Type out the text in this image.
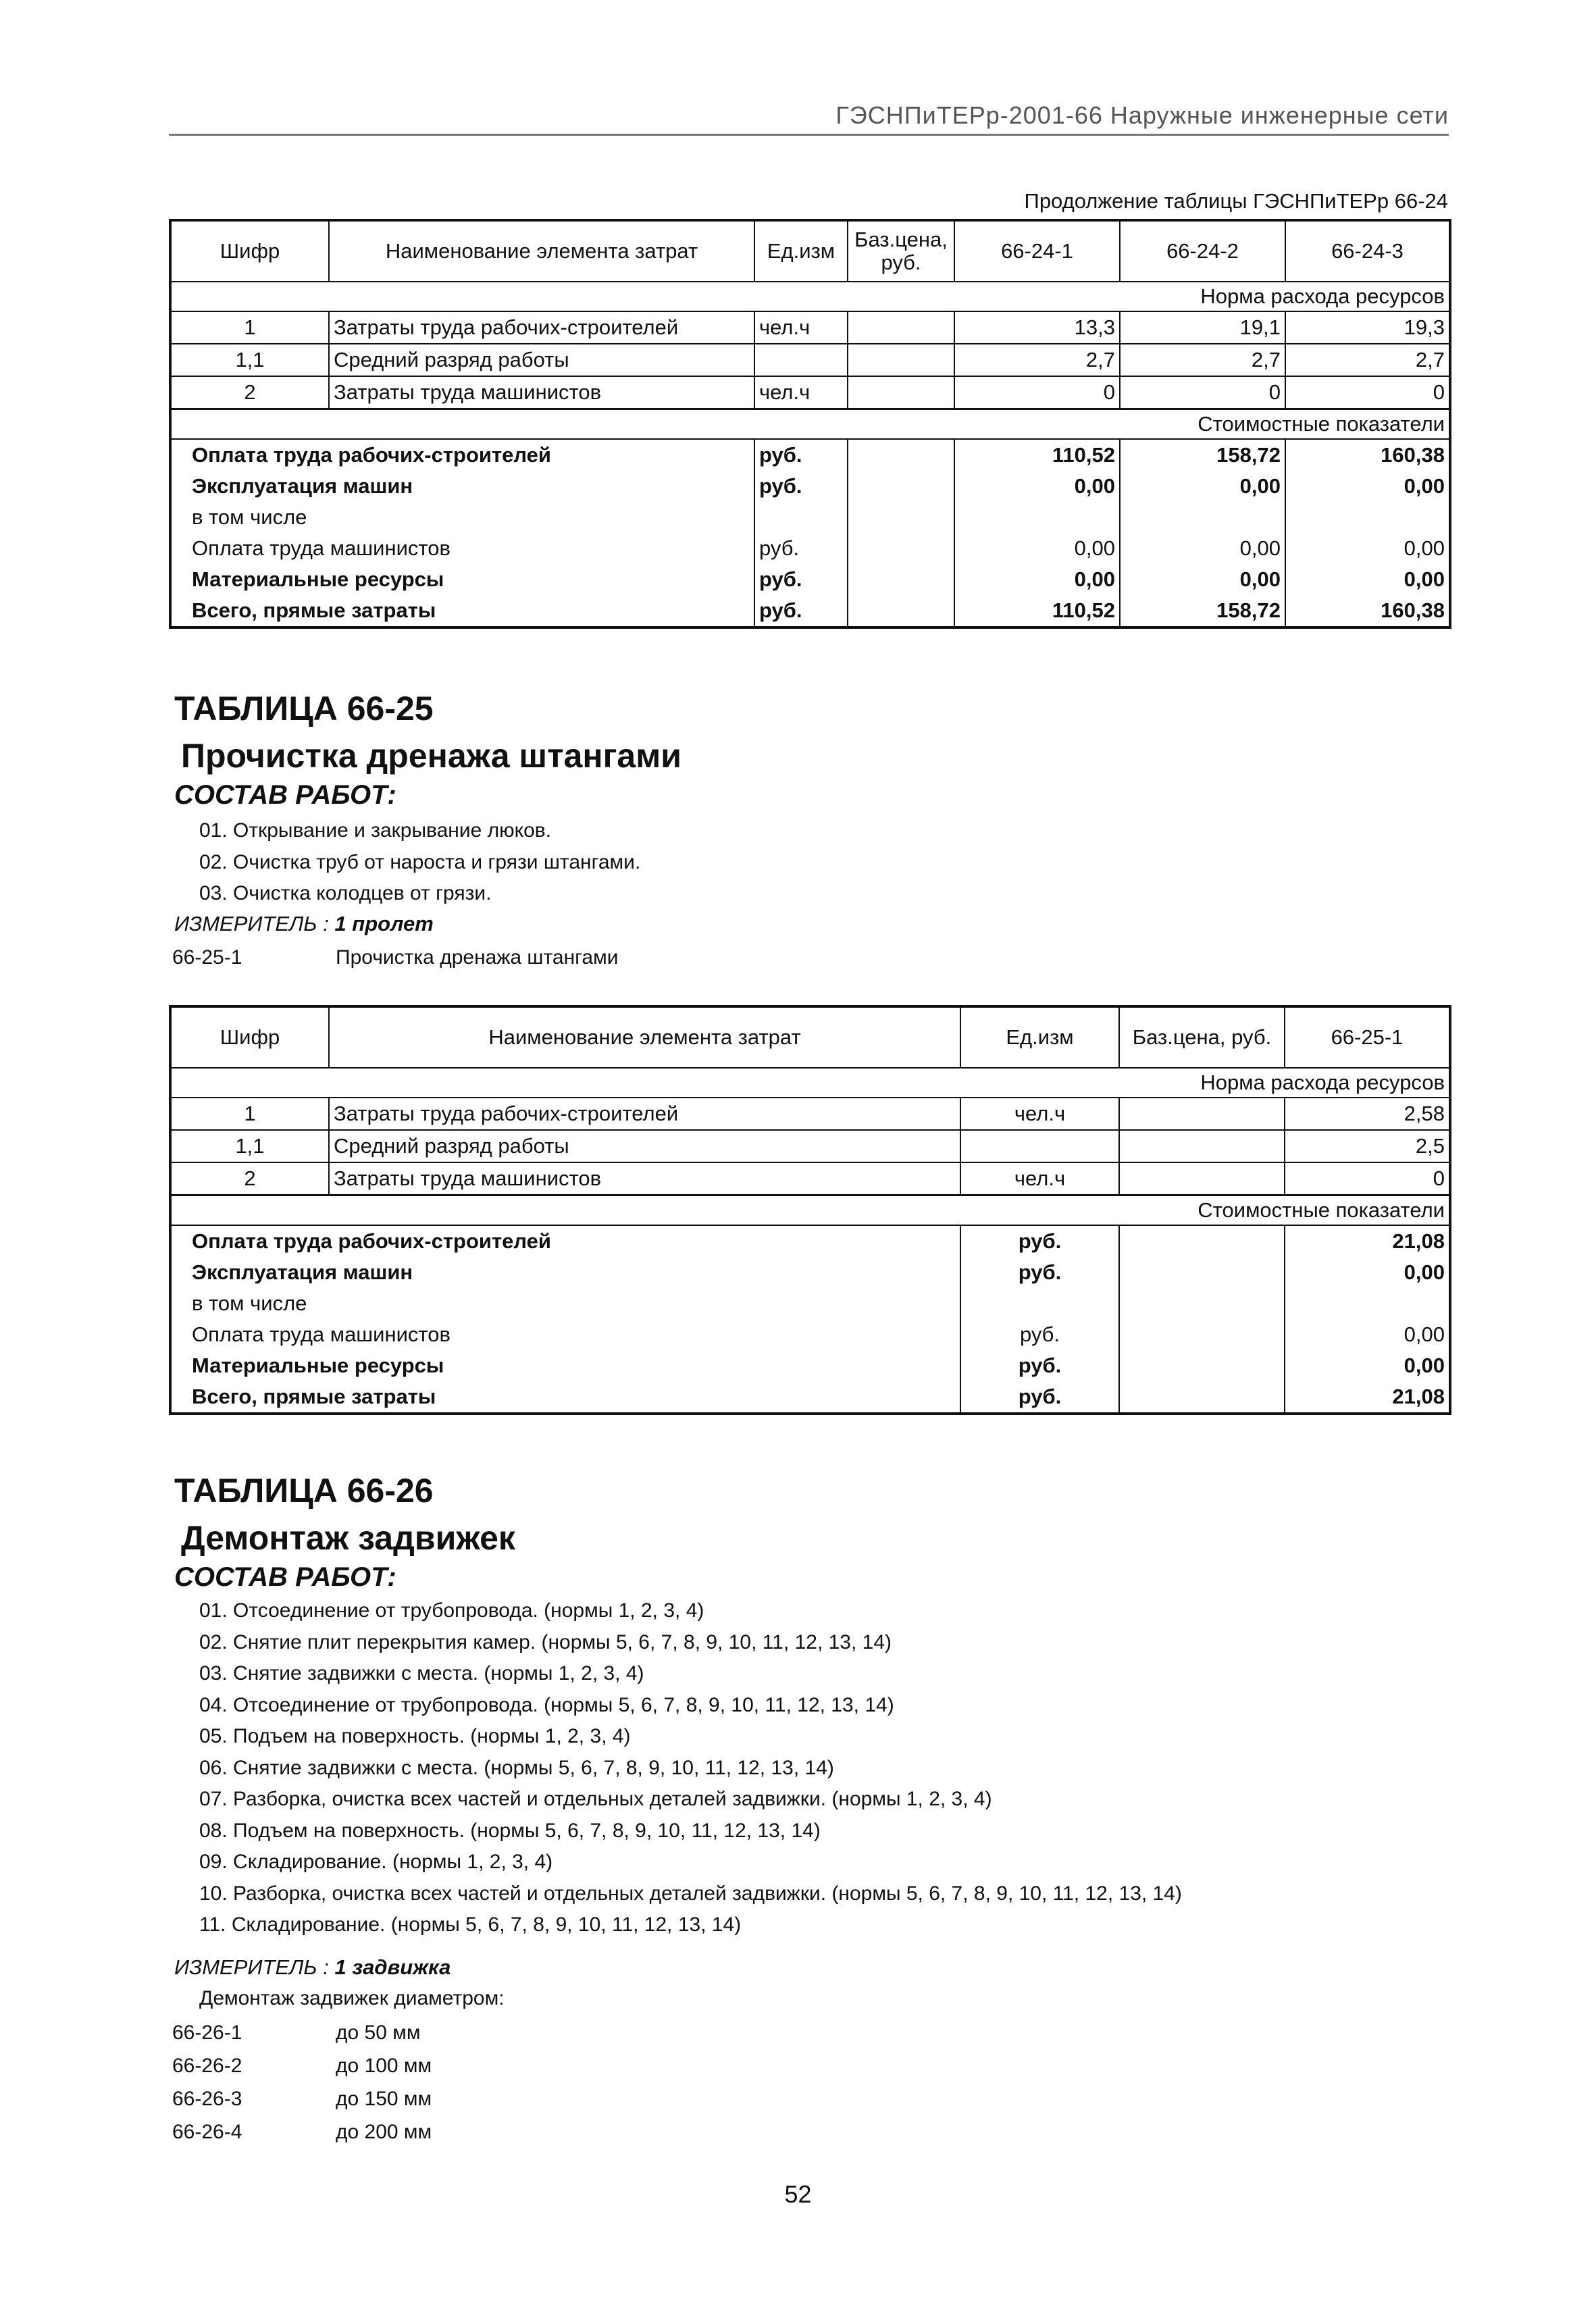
ГЭСНПиТЕРр-2001-66 Наружные инженерные сети
Продолжение таблицы ГЭСНПиТЕРр 66-24
Шифр	Наименование элемента затрат	Ед.изм	Баз.цена, руб.	66-24-1	66-24-2	66-24-3
Норма расхода ресурсов						
1	Затраты труда рабочих-строителей	чел.ч		13,3	19,1	19,3
1,1	Средний разряд работы			2,7	2,7	2,7
2	Затраты труда машинистов	чел.ч		0	0	0
Стоимостные показатели						
Оплата труда рабочих-строителей		руб.		110,52	158,72	160,38
Эксплуатация машин		руб.		0,00	0,00	0,00
в том числе						
Оплата труда машинистов		руб.		0,00	0,00	0,00
Материальные ресурсы		руб.		0,00	0,00	0,00
Всего, прямые затраты		руб.		110,52	158,72	160,38
ТАБЛИЦА 66-25
Прочистка дренажа штангами
СОСТАВ РАБОТ:
01. Открывание и закрывание люков.
02. Очистка труб от нароста и грязи штангами.
03. Очистка колодцев от грязи.
ИЗМЕРИТЕЛЬ : 1 пролет
66-25-1	Прочистка дренажа штангами
Шифр	Наименование элемента затрат	Ед.изм	Баз.цена, руб.	66-25-1
Норма расхода ресурсов				
1	Затраты труда рабочих-строителей	чел.ч		2,58
1,1	Средний разряд работы			2,5
2	Затраты труда машинистов	чел.ч		0
Стоимостные показатели				
Оплата труда рабочих-строителей		руб.		21,08
Эксплуатация машин		руб.		0,00
в том числе				
Оплата труда машинистов		руб.		0,00
Материальные ресурсы		руб.		0,00
Всего, прямые затраты		руб.		21,08
ТАБЛИЦА 66-26
Демонтаж задвижек
СОСТАВ РАБОТ:
01. Отсоединение от трубопровода. (нормы 1, 2, 3, 4)
02. Снятие плит перекрытия камер. (нормы 5, 6, 7, 8, 9, 10, 11, 12, 13, 14)
03. Снятие задвижки с места. (нормы 1, 2, 3, 4)
04. Отсоединение от трубопровода. (нормы 5, 6, 7, 8, 9, 10, 11, 12, 13, 14)
05. Подъем на поверхность. (нормы 1, 2, 3, 4)
06. Снятие задвижки с места. (нормы 5, 6, 7, 8, 9, 10, 11, 12, 13, 14)
07. Разборка, очистка всех частей и отдельных деталей задвижки. (нормы 1, 2, 3, 4)
08. Подъем на поверхность. (нормы 5, 6, 7, 8, 9, 10, 11, 12, 13, 14)
09. Складирование. (нормы 1, 2, 3, 4)
10. Разборка, очистка всех частей и отдельных деталей задвижки. (нормы 5, 6, 7, 8, 9, 10, 11, 12, 13, 14)
11. Складирование. (нормы 5, 6, 7, 8, 9, 10, 11, 12, 13, 14)
ИЗМЕРИТЕЛЬ : 1 задвижка
Демонтаж задвижек диаметром:
66-26-1	до 50 мм
66-26-2	до 100 мм
66-26-3	до 150 мм
66-26-4	до 200 мм
52
